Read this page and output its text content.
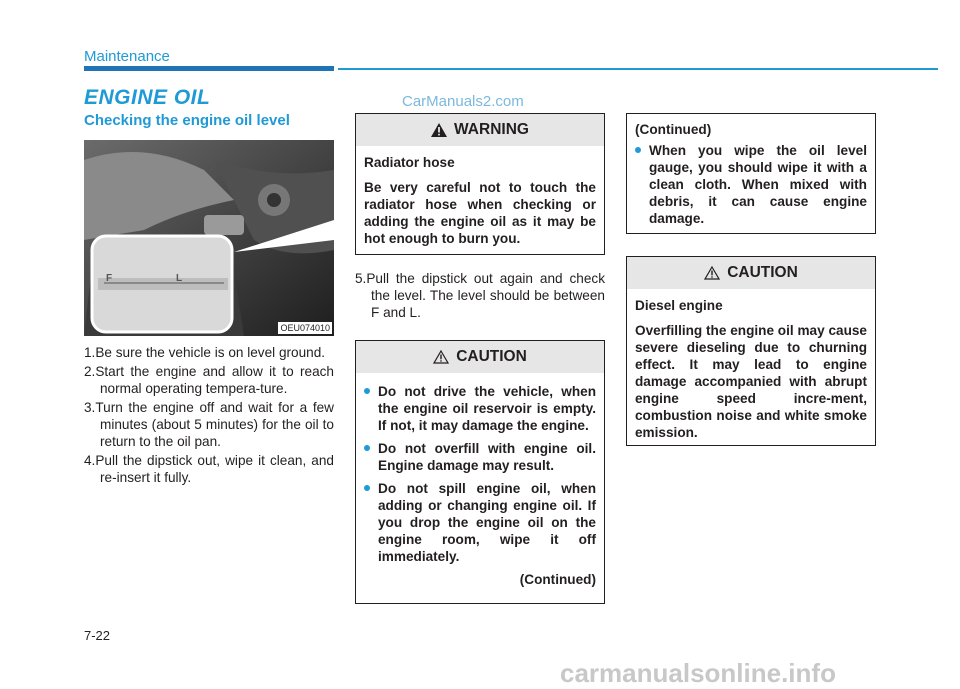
Maintenance
ENGINE OIL	CarManuals2.com
Checking the engine oil level
F	L
OEU074010
1.Be sure the vehicle is on level ground.
2.Start the engine and allow it to reach normal operating tempera-ture.
3.Turn the engine off and wait for a few minutes (about 5 minutes) for the oil to return to the oil pan.
4.Pull the dipstick out, wipe it clean, and re-insert it fully.
WARNING

Radiator hose

Be very careful not to touch the radiator hose when checking or adding the engine oil as it may be hot enough to burn you.

5.Pull the dipstick out again and check the level. The level should be between F and L.
CAUTION
Do not drive the vehicle, when the engine oil reservoir is empty. If not, it may damage the engine.
Do not overfill with engine oil. Engine damage may result.
Do not spill engine oil, when adding or changing engine oil. If you drop the engine oil on the engine room, wipe it off immediately.
(Continued)

(Continued)

When you wipe the oil level gauge, you should wipe it with a clean cloth. When mixed with debris, it can cause engine damage.
CAUTION

Diesel engine

Overfilling the engine oil may cause severe dieseling due to churning effect. It may lead to engine damage accompanied with abrupt engine speed incre-ment, combustion noise and white smoke emission.

7-22
carmanualsonline.info
